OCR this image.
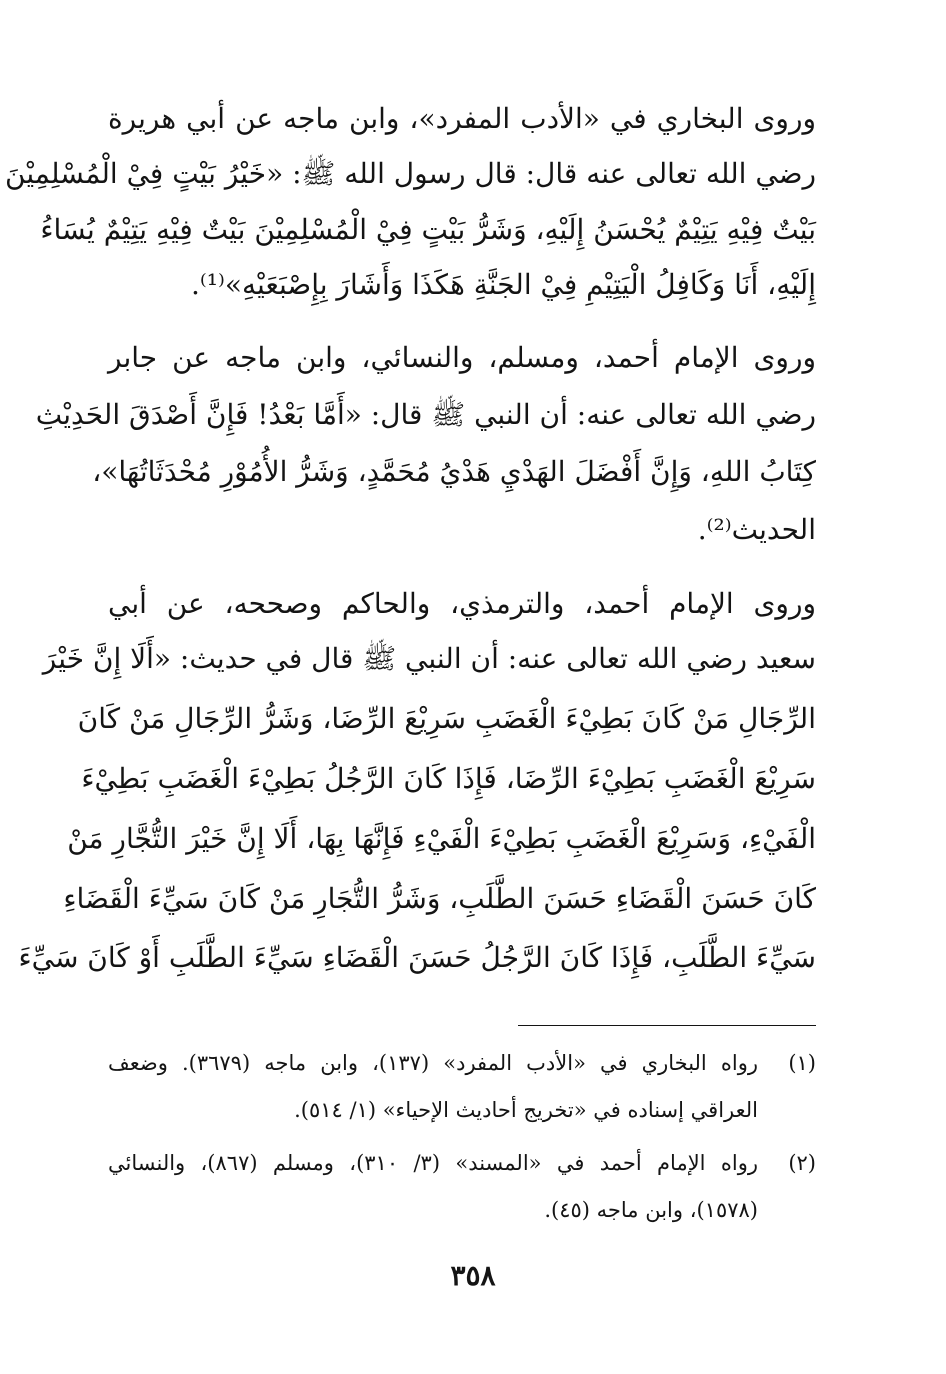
وروى البخاري في «الأدب المفرد»، وابن ماجه عن أبي هريرة
رضي الله تعالى عنه قال: قال رسول الله ﷺ: «خَيْرُ بَيْتٍ فِيْ الْمُسْلِمِيْنَ
بَيْتٌ فِيْهِ يَتِيْمٌ يُحْسَنُ إِلَيْهِ، وَشَرُّ بَيْتٍ فِيْ الْمُسْلِمِيْنَ بَيْتٌ فِيْهِ يَتِيْمٌ يُسَاءُ
إِلَيْهِ، أَنَا وَكَافِلُ الْيَتِيْمِ فِيْ الجَنَّةِ هَكَذَا وَأَشَارَ بِإِصْبَعَيْهِ»⁽¹⁾.
وروى الإمام أحمد، ومسلم، والنسائي، وابن ماجه عن جابر
رضي الله تعالى عنه: أن النبي ﷺ قال: «أَمَّا بَعْدُ! فَإِنَّ أَصْدَقَ الحَدِيْثِ
كِتَابُ اللهِ، وَإِنَّ أَفْضَلَ الهَدْيِ هَدْيُ مُحَمَّدٍ، وَشَرُّ الأُمُوْرِ مُحْدَثَاتُهَا»،
الحديث⁽²⁾.
وروى الإمام أحمد، والترمذي، والحاكم وصححه، عن أبي
سعيد رضي الله تعالى عنه: أن النبي ﷺ قال في حديث: «أَلَا إِنَّ خَيْرَ
الرِّجَالِ مَنْ كَانَ بَطِيْءَ الْغَضَبِ سَرِيْعَ الرِّضَا، وَشَرُّ الرِّجَالِ مَنْ كَانَ
سَرِيْعَ الْغَضَبِ بَطِيْءَ الرِّضَا، فَإِذَا كَانَ الرَّجُلُ بَطِيْءَ الْغَضَبِ بَطِيْءَ
الْفَيْءِ، وَسَرِيْعَ الْغَضَبِ بَطِيْءَ الْفَيْءِ فَإِنَّهَا بِهَا، أَلَا إِنَّ خَيْرَ التُّجَّارِ مَنْ
كَانَ حَسَنَ الْقَضَاءِ حَسَنَ الطَّلَبِ، وَشَرُّ التُّجَارِ مَنْ كَانَ سَيِّءَ الْقَضَاءِ
سَيِّءَ الطَّلَبِ، فَإِذَا كَانَ الرَّجُلُ حَسَنَ الْقَضَاءِ سَيِّءَ الطَّلَبِ أَوْ كَانَ سَيِّءَ
(١)
رواه البخاري في «الأدب المفرد» (١٣٧)، وابن ماجه (٣٦٧٩). وضعف
العراقي إسناده في «تخريج أحاديث الإحياء» (١/ ٥١٤).
(٢)
رواه الإمام أحمد في «المسند» (٣/ ٣١٠)، ومسلم (٨٦٧)، والنسائي
(١٥٧٨)، وابن ماجه (٤٥).
٣٥٨
